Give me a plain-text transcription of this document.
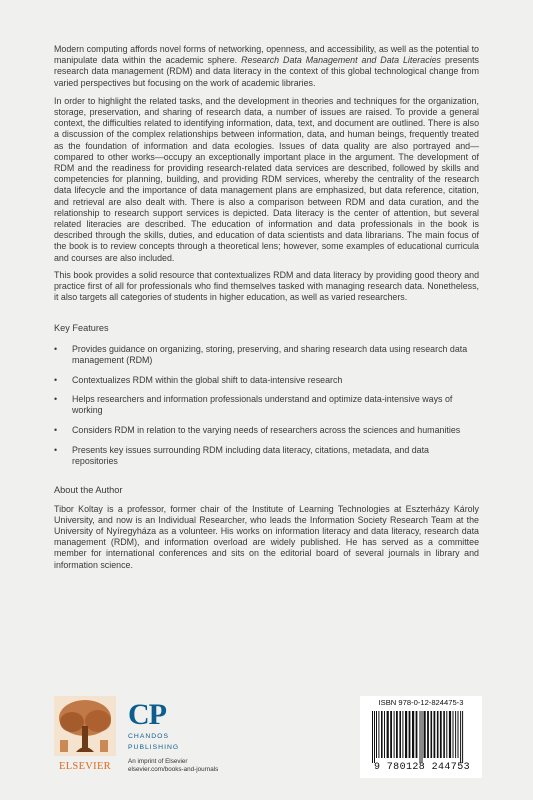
Modern computing affords novel forms of networking, openness, and accessibility, as well as the potential to manipulate data within the academic sphere. Research Data Management and Data Literacies presents research data management (RDM) and data literacy in the context of this global technological change from varied perspectives but focusing on the work of academic libraries.

In order to highlight the related tasks, and the development in theories and techniques for the organization, storage, preservation, and sharing of research data, a number of issues are raised. To provide a general context, the difficulties related to identifying information, data, text, and document are outlined. There is also a discussion of the complex relationships between information, data, and human beings, frequently treated as the foundation of information and data ecologies. Issues of data quality are also portrayed and—compared to other works—occupy an exceptionally important place in the argument. The development of RDM and the readiness for providing research-related data services are described, followed by skills and competencies for planning, building, and providing RDM services, whereby the centrality of the research data lifecycle and the importance of data management plans are emphasized, but data reference, citation, and retrieval are also dealt with. There is also a comparison between RDM and data curation, and the relationship to research support services is depicted. Data literacy is the center of attention, but several related literacies are described. The education of information and data professionals in the book is described through the skills, duties, and education of data scientists and data librarians. The main focus of the book is to review concepts through a theoretical lens; however, some examples of educational curricula and courses are also included.

This book provides a solid resource that contextualizes RDM and data literacy by providing good theory and practice first of all for professionals who find themselves tasked with managing research data. Nonetheless, it also targets all categories of students in higher education, as well as varied researchers.

Key Features
• Provides guidance on organizing, storing, preserving, and sharing research data using research data management (RDM)
• Contextualizes RDM within the global shift to data-intensive research
• Helps researchers and information professionals understand and optimize data-intensive ways of working
• Considers RDM in relation to the varying needs of researchers across the sciences and humanities
• Presents key issues surrounding RDM including data literacy, citations, metadata, and data repositories
About the Author

Tibor Koltay is a professor, former chair of the Institute of Learning Technologies at Eszterházy Károly University, and now is an Individual Researcher, who leads the Information Society Research Team at the University of Nyíregyháza as a volunteer. His works on information literacy and data literacy, research data management (RDM), and information overload are widely published. He has served as a committee member for international conferences and sits on the editorial board of several journals in library and information science.

ELSEVIER
CP
CHANDOS
PUBLISHING
An imprint of Elsevier
elsevier.com/books-and-journals
ISBN 978-0-12-824475-3
9 780128 244753
